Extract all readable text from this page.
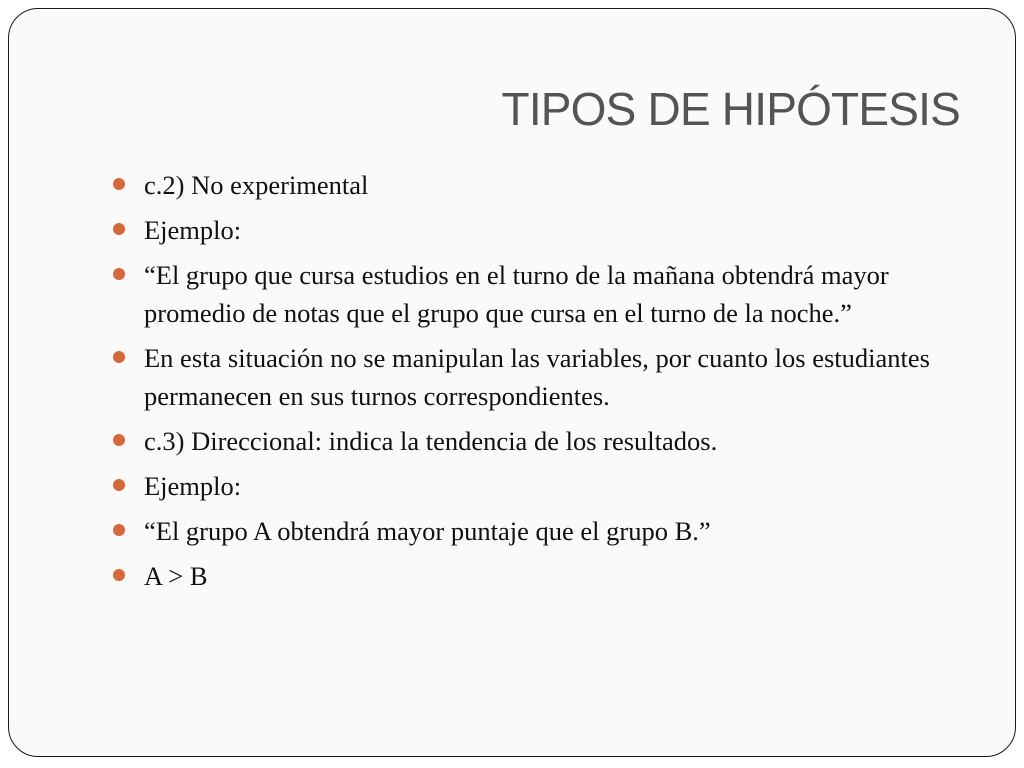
TIPOS DE HIPÓTESIS
c.2) No experimental
Ejemplo:
“El grupo que cursa estudios en el turno de la mañana obtendrá mayor promedio de notas que el grupo que cursa en el turno de la noche.”
En esta situación no se manipulan las variables, por cuanto los estudiantes permanecen en sus turnos correspondientes.
c.3) Direccional: indica la tendencia de los resultados.
Ejemplo:
“El grupo A obtendrá mayor puntaje que el grupo B.”
A > B
